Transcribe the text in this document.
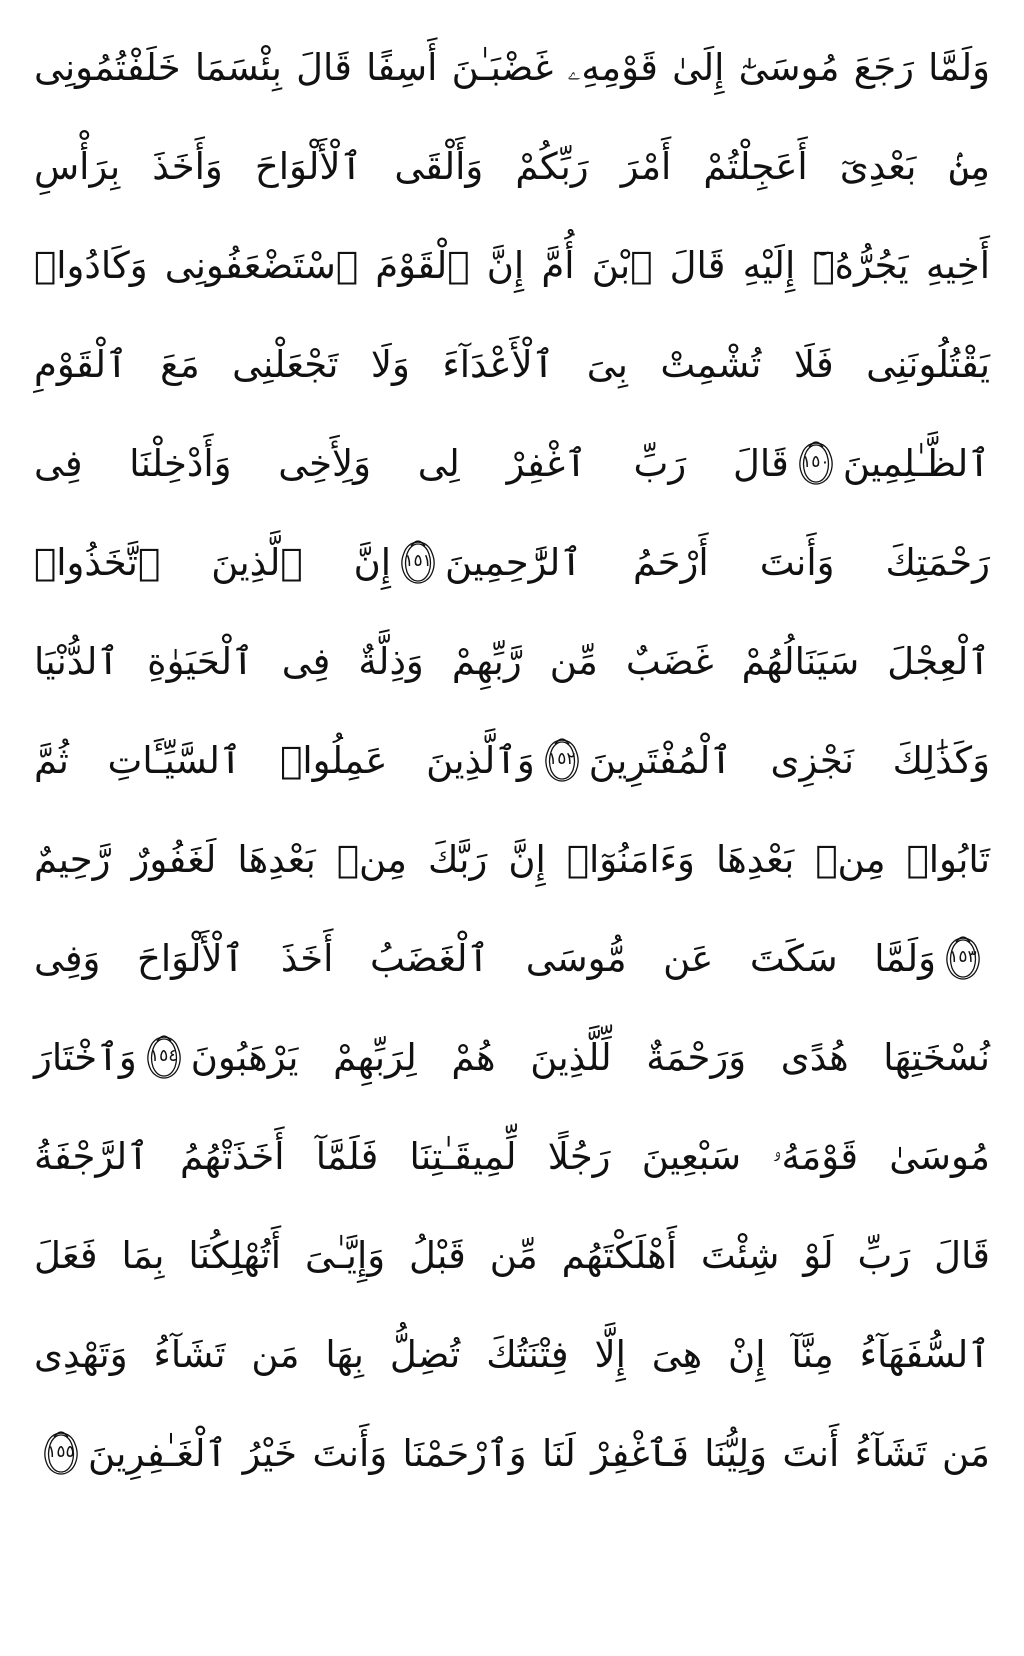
وَلَمَّا رَجَعَ مُوسَىٰٓ إِلَىٰ قَوْمِهِۦ غَضْبَـٰنَ أَسِفًا قَالَ بِئْسَمَا خَلَفْتُمُونِى
مِنۢ بَعْدِىٓ أَعَجِلْتُمْ أَمْرَ رَبِّكُمْ وَأَلْقَى ٱلْأَلْوَاحَ وَأَخَذَ بِرَأْسِ
أَخِيهِ يَجُرُّهُۥٓ إِلَيْهِ قَالَ ٱبْنَ أُمَّ إِنَّ ٱلْقَوْمَ ٱسْتَضْعَفُونِى وَكَادُوا۟
يَقْتُلُونَنِى فَلَا تُشْمِتْ بِىَ ٱلْأَعْدَآءَ وَلَا تَجْعَلْنِى مَعَ ٱلْقَوْمِ
ٱلظَّـٰلِمِينَ
١٥٠
قَالَ رَبِّ ٱغْفِرْ لِى وَلِأَخِى وَأَدْخِلْنَا فِى
رَحْمَتِكَ وَأَنتَ أَرْحَمُ ٱلرَّٰحِمِينَ
١٥١
إِنَّ ٱلَّذِينَ ٱتَّخَذُوا۟
ٱلْعِجْلَ سَيَنَالُهُمْ غَضَبٌ مِّن رَّبِّهِمْ وَذِلَّةٌ فِى ٱلْحَيَوٰةِ ٱلدُّنْيَا
وَكَذَٰلِكَ نَجْزِى ٱلْمُفْتَرِينَ
١٥٢
وَٱلَّذِينَ عَمِلُوا۟ ٱلسَّيِّـَٔاتِ ثُمَّ
تَابُوا۟ مِنۢ بَعْدِهَا وَءَامَنُوٓا۟ إِنَّ رَبَّكَ مِنۢ بَعْدِهَا لَغَفُورٌ رَّحِيمٌ
١٥٣
وَلَمَّا سَكَتَ عَن مُّوسَى ٱلْغَضَبُ أَخَذَ ٱلْأَلْوَاحَ وَفِى
نُسْخَتِهَا هُدًى وَرَحْمَةٌ لِّلَّذِينَ هُمْ لِرَبِّهِمْ يَرْهَبُونَ
١٥٤
وَٱخْتَارَ
مُوسَىٰ قَوْمَهُۥ سَبْعِينَ رَجُلًا لِّمِيقَـٰتِنَا فَلَمَّآ أَخَذَتْهُمُ ٱلرَّجْفَةُ
قَالَ رَبِّ لَوْ شِئْتَ أَهْلَكْتَهُم مِّن قَبْلُ وَإِيَّـٰىَ أَتُهْلِكُنَا بِمَا فَعَلَ
ٱلسُّفَهَآءُ مِنَّآ إِنْ هِىَ إِلَّا فِتْنَتُكَ تُضِلُّ بِهَا مَن تَشَآءُ وَتَهْدِى
مَن تَشَآءُ أَنتَ وَلِيُّنَا فَٱغْفِرْ لَنَا وَٱرْحَمْنَا وَأَنتَ خَيْرُ ٱلْغَـٰفِرِينَ
١٥٥
